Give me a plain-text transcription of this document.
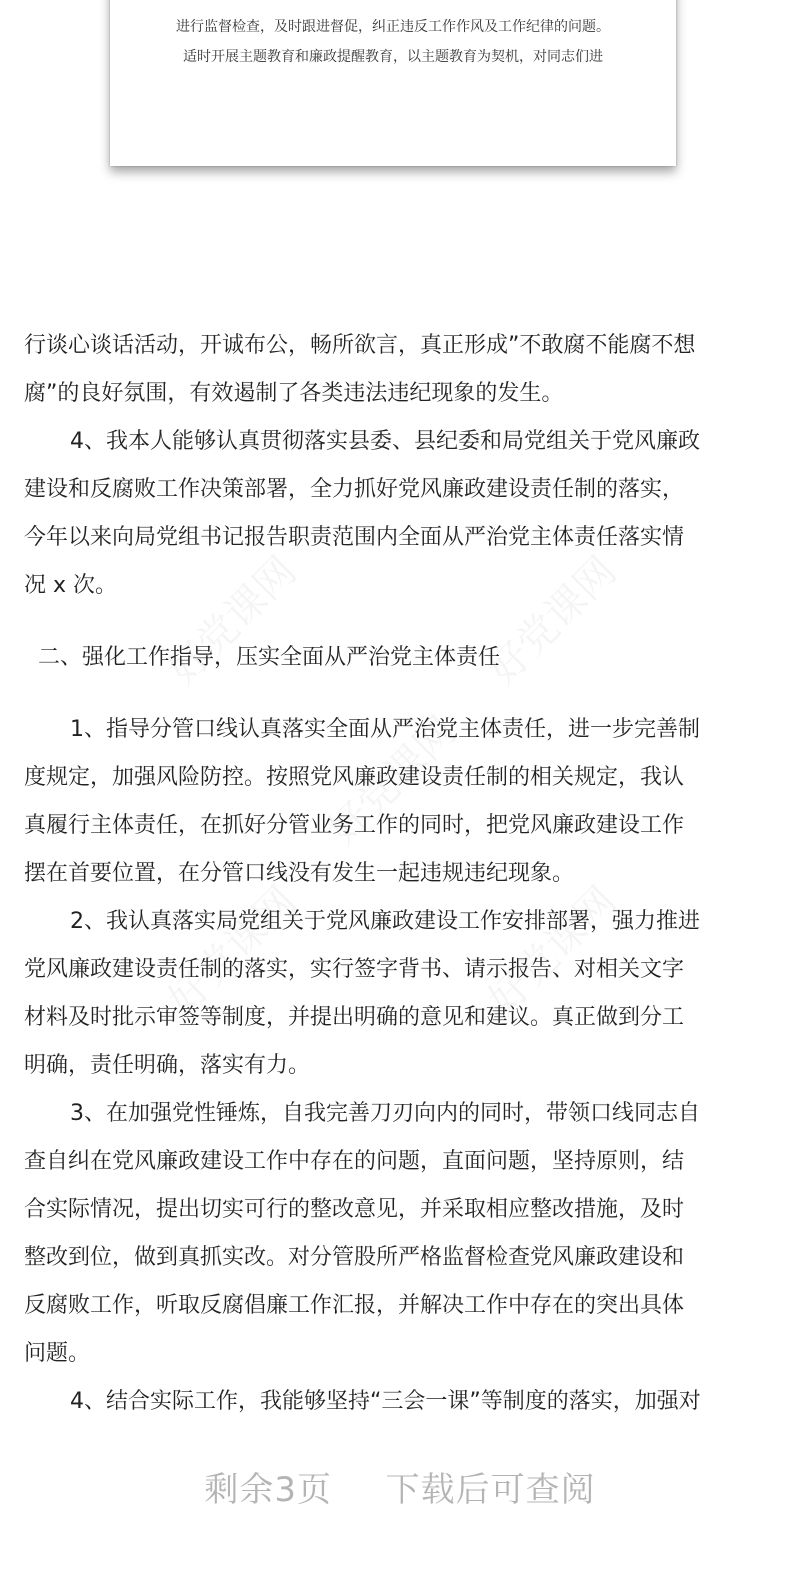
进行监督检查，及时跟进督促，纠正违反工作作风及工作纪律的问题。
适时开展主题教育和廉政提醒教育，以主题教育为契机，对同志们进
行谈心谈话活动，开诚布公，畅所欲言，真正形成”不敢腐不能腐不想
腐”的良好氛围，有效遏制了各类违法违纪现象的发生。
4、我本人能够认真贯彻落实县委、县纪委和局党组关于党风廉政
建设和反腐败工作决策部署，全力抓好党风廉政建设责任制的落实，
今年以来向局党组书记报告职责范围内全面从严治党主体责任落实情
况 x 次。
二、强化工作指导，压实全面从严治党主体责任
1、指导分管口线认真落实全面从严治党主体责任，进一步完善制
度规定，加强风险防控。按照党风廉政建设责任制的相关规定，我认
真履行主体责任，在抓好分管业务工作的同时，把党风廉政建设工作
摆在首要位置，在分管口线没有发生一起违规违纪现象。
2、我认真落实局党组关于党风廉政建设工作安排部署，强力推进
党风廉政建设责任制的落实，实行签字背书、请示报告、对相关文字
材料及时批示审签等制度，并提出明确的意见和建议。真正做到分工
明确，责任明确，落实有力。
3、在加强党性锤炼，自我完善刀刃向内的同时，带领口线同志自
查自纠在党风廉政建设工作中存在的问题，直面问题，坚持原则，结
合实际情况，提出切实可行的整改意见，并采取相应整改措施，及时
整改到位，做到真抓实改。对分管股所严格监督检查党风廉政建设和
反腐败工作，听取反腐倡廉工作汇报，并解决工作中存在的突出具体
问题。
4、结合实际工作，我能够坚持“三会一课”等制度的落实，加强对
剩余3页 下载后可查阅
